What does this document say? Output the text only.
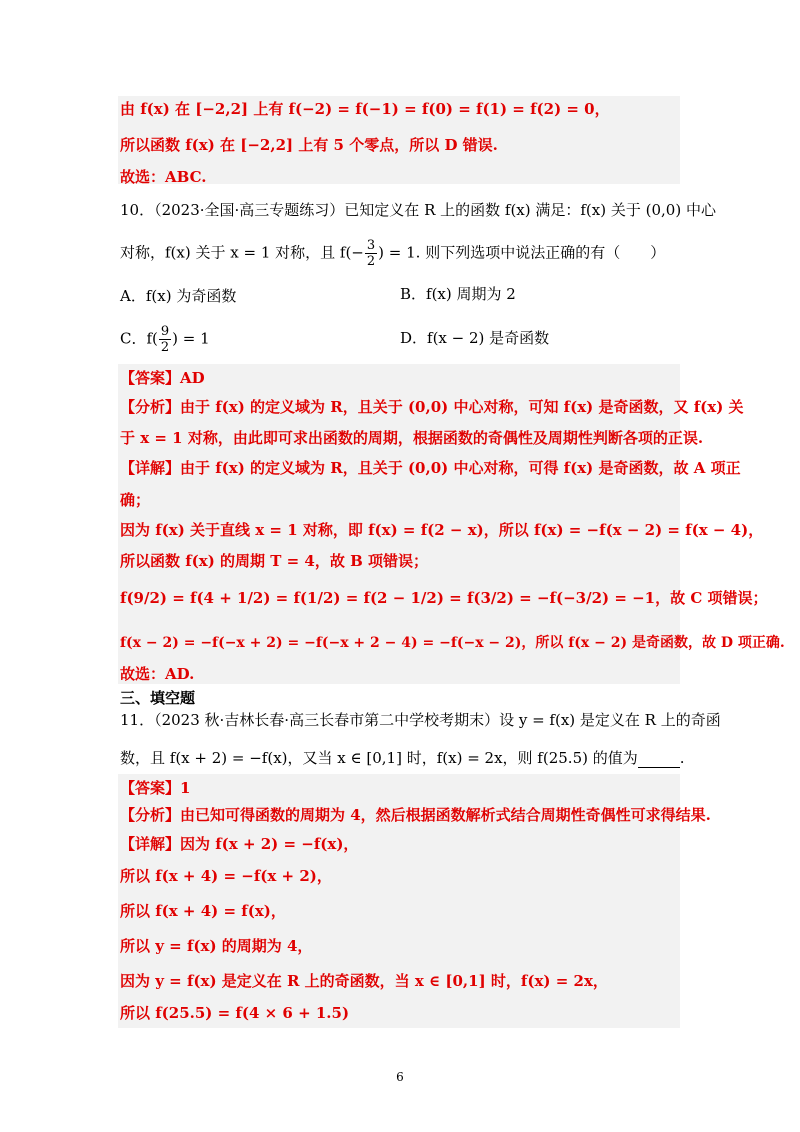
由 f(x) 在 [−2,2] 上有 f(−2) = f(−1) = f(0) = f(1) = f(2) = 0，
所以函数 f(x) 在 [−2,2] 上有 5 个零点，所以 D 错误.
故选：ABC.
10．（2023·全国·高三专题练习）已知定义在 R 上的函数 f(x) 满足：f(x) 关于 (0,0) 中心
对称，f(x) 关于 x = 1 对称，且 $f(- \frac{3}{2}$ ) = 1. 则下列选项中说法正确的有（　　）
A．f(x) 为奇函数	B．f(x) 周期为 2
C．$f( \frac{9}{2}$ ) = 1	D．f(x − 2) 是奇函数
【答案】AD
【分析】由于 f(x) 的定义域为 R，且关于 (0,0) 中心对称，可知 f(x) 是奇函数，又 f(x) 关
于 x = 1 对称，由此即可求出函数的周期，根据函数的奇偶性及周期性判断各项的正误.
【详解】由于 f(x) 的定义域为 R，且关于 (0,0) 中心对称，可得 f(x) 是奇函数，故 A 项正
确；
因为 f(x) 关于直线 x = 1 对称，即 f(x) = f(2 − x)，所以 f(x) = −f(x − 2) = f(x − 4)，
所以函数 f(x) 的周期 T = 4，故 B 项错误；
f(9/2) = f(4 + 1/2) = f(1/2) = f(2 − 1/2) = f(3/2) = −f(−3/2) = −1，故 C 项错误；
f(x − 2) = −f(−x + 2) = −f(−x + 2 − 4) = −f(−x − 2)，所以 f(x − 2) 是奇函数，故 D 项正确.
故选：AD.
三、填空题
11．（2023 秋·吉林长春·高三长春市第二中学校考期末）设 y = f(x) 是定义在 R 上的奇函
数，且 f(x + 2) = −f(x)，又当 x ∈ [0,1] 时，f(x) = 2x，则 f(25.5) 的值为	.
【答案】1
【分析】由已知可得函数的周期为 4，然后根据函数解析式结合周期性奇偶性可求得结果.
【详解】因为 f(x + 2) = −f(x)，
所以 f(x + 4) = −f(x + 2)，
所以 f(x + 4) = f(x)，
所以 y = f(x) 的周期为 4，
因为 y = f(x) 是定义在 R 上的奇函数，当 x ∈ [0,1] 时，f(x) = 2x，
所以 f(25.5) = f(4 × 6 + 1.5)
6
